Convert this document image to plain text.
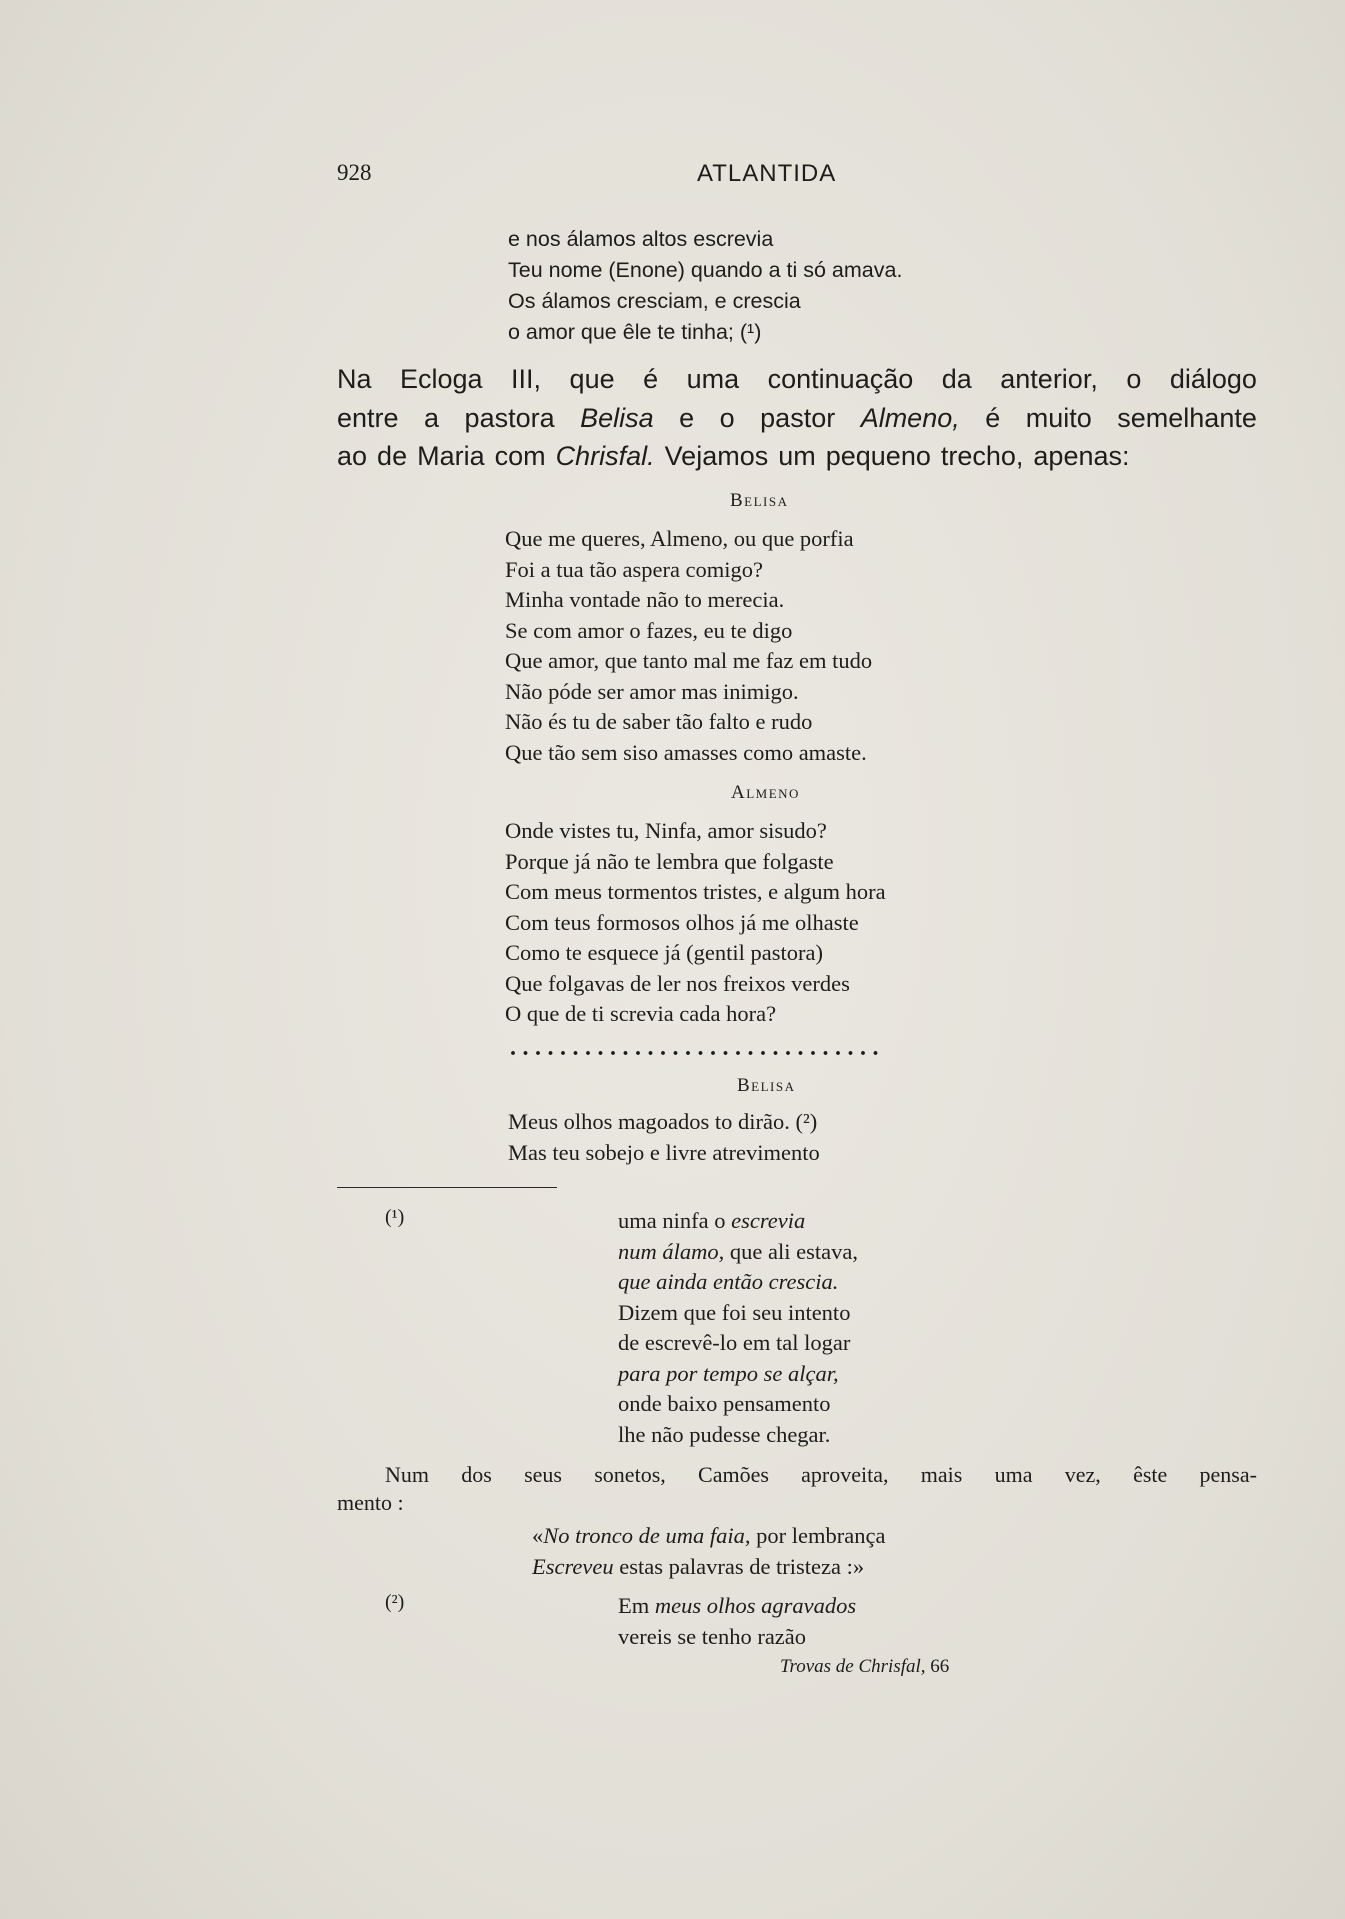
928	ATLANTIDA
e nos álamos altos escrevia
Teu nome (Enone) quando a ti só amava.
Os álamos cresciam, e crescia
o amor que êle te tinha; (¹)
Na Ecloga III, que é uma continuação da anterior, o diálogo
entre a pastora Belisa e o pastor Almeno, é muito semelhante
ao de Maria com Chrisfal. Vejamos um pequeno trecho, apenas:
Belisa
Que me queres, Almeno, ou que porfia
Foi a tua tão aspera comigo?
Minha vontade não to merecia.
Se com amor o fazes, eu te digo
Que amor, que tanto mal me faz em tudo
Não póde ser amor mas inimigo.
Não és tu de saber tão falto e rudo
Que tão sem siso amasses como amaste.
Almeno
Onde vistes tu, Ninfa, amor sisudo?
Porque já não te lembra que folgaste
Com meus tormentos tristes, e algum hora
Com teus formosos olhos já me olhaste
Como te esquece já (gentil pastora)
Que folgavas de ler nos freixos verdes
O que de ti screvia cada hora?
..............................
Belisa
Meus olhos magoados to dirão. (²)
Mas teu sobejo e livre atrevimento
(¹)	uma ninfa o escrevia
num álamo, que ali estava,
que ainda então crescia.
Dizem que foi seu intento
de escrevê-lo em tal logar
para por tempo se alçar,
onde baixo pensamento
lhe não pudesse chegar.
Num dos seus sonetos, Camões aproveita, mais uma vez, êste pensa-
mento :
«No tronco de uma faia, por lembrança
Escreveu estas palavras de tristeza :»
(²)	Em meus olhos agravados
vereis se tenho razão
Trovas de Chrisfal, 66
